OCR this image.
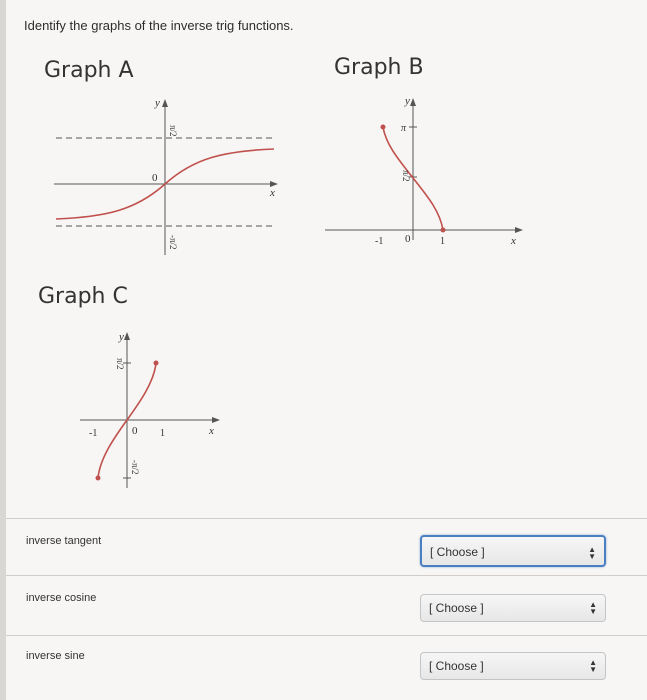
Identify the graphs of the inverse trig functions.
Graph A
y
x
0
π/2
-π/2
Graph B
y
x
π
π/2
-1 0	1
Graph C
y
x
π/2
-π/2
-1	0 1
inverse tangent
[ Choose ]	▲
▼
inverse cosine
[ Choose ]	▲
▼
inverse sine
[ Choose ]	▲
▼
